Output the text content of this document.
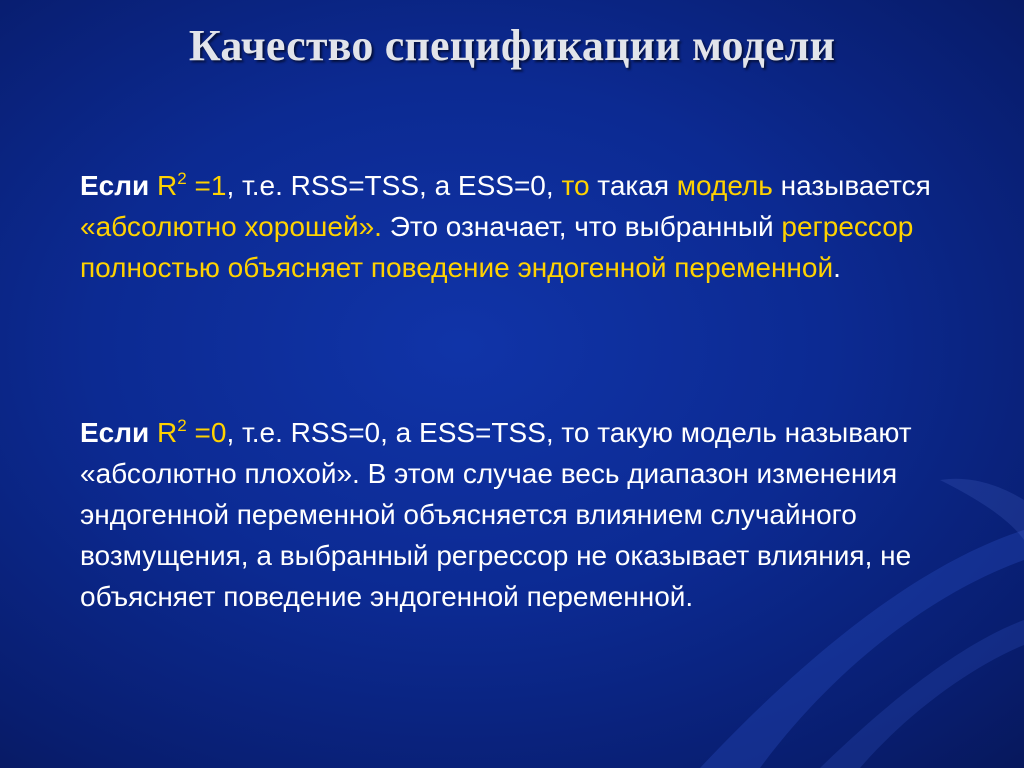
Качество спецификации модели
Если $R^2 =1$, т.е. RSS=TSS, а ESS=0, то такая модель называется «абсолютно хорошей». Это означает, что выбранный регрессор полностью объясняет поведение эндогенной переменной.
Если $R^2 =0$, т.е. RSS=0, а ESS=TSS, то такую модель называют «абсолютно плохой». В этом случае весь диапазон изменения эндогенной переменной объясняется влиянием случайного возмущения, а выбранный регрессор не оказывает влияния, не объясняет поведение эндогенной переменной.
